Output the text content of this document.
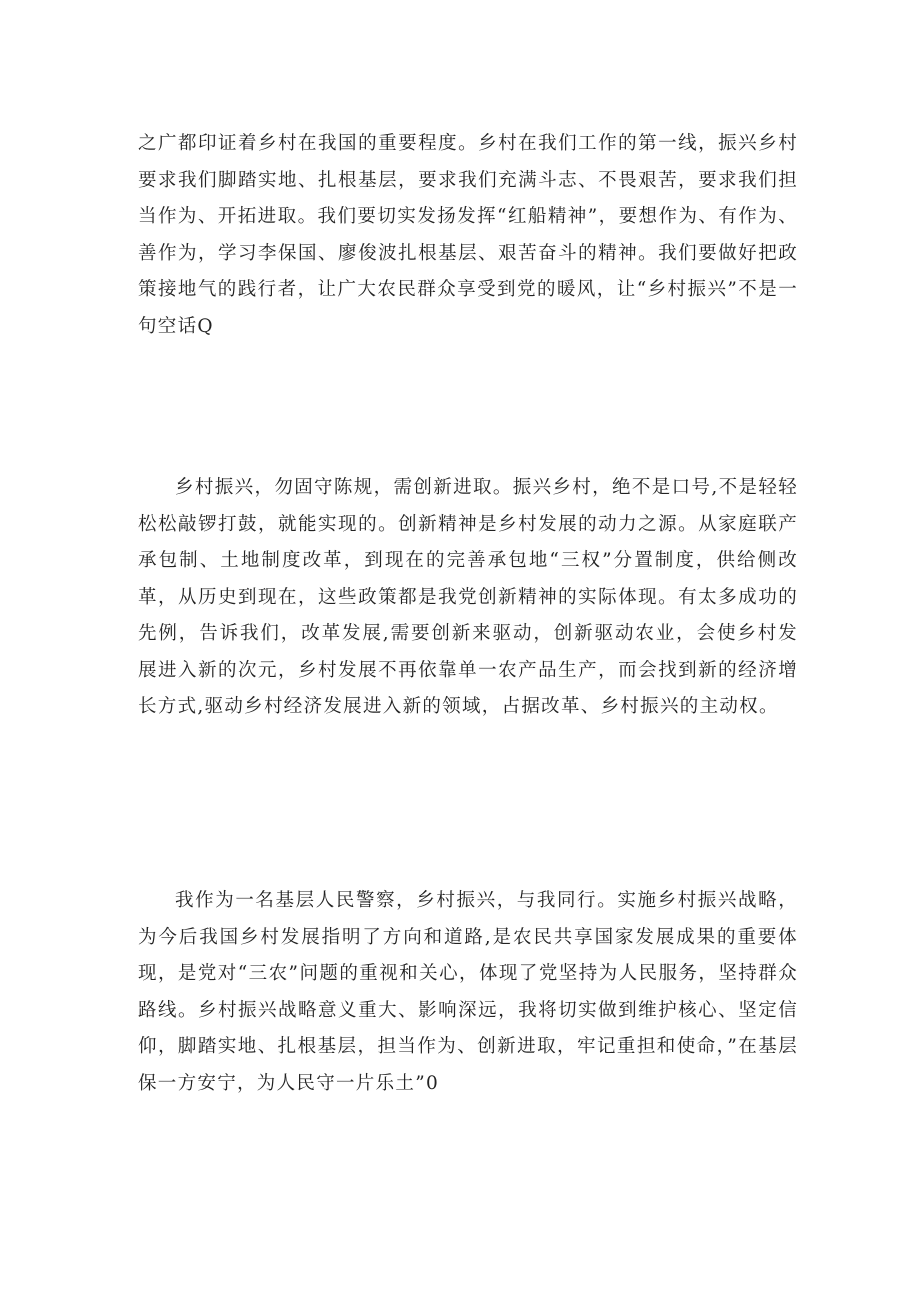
之广都印证着乡村在我国的重要程度。乡村在我们工作的第一线，振兴乡村要求我们脚踏实地、扎根基层，要求我们充满斗志、不畏艰苦，要求我们担当作为、开拓进取。我们要切实发扬发挥“红船精神”，要想作为、有作为、善作为，学习李保国、廖俊波扎根基层、艰苦奋斗的精神。我们要做好把政策接地气的践行者，让广大农民群众享受到党的暖风，让“乡村振兴”不是一句空话Q

乡村振兴，勿固守陈规，需创新进取。振兴乡村，绝不是口号,不是轻轻松松敲锣打鼓，就能实现的。创新精神是乡村发展的动力之源。从家庭联产承包制、土地制度改革，到现在的完善承包地“三权”分置制度，供给侧改革，从历史到现在，这些政策都是我党创新精神的实际体现。有太多成功的先例，告诉我们，改革发展,需要创新来驱动，创新驱动农业，会使乡村发展进入新的次元，乡村发展不再依靠单一农产品生产，而会找到新的经济增长方式,驱动乡村经济发展进入新的领域，占据改革、乡村振兴的主动权。

我作为一名基层人民警察，乡村振兴，与我同行。实施乡村振兴战略，为今后我国乡村发展指明了方向和道路,是农民共享国家发展成果的重要体现，是党对“三农”问题的重视和关心，体现了党坚持为人民服务，坚持群众路线。乡村振兴战略意义重大、影响深远，我将切实做到维护核心、坚定信仰，脚踏实地、扎根基层，担当作为、创新进取，牢记重担和使命，”在基层保一方安宁，为人民守一片乐土”0
